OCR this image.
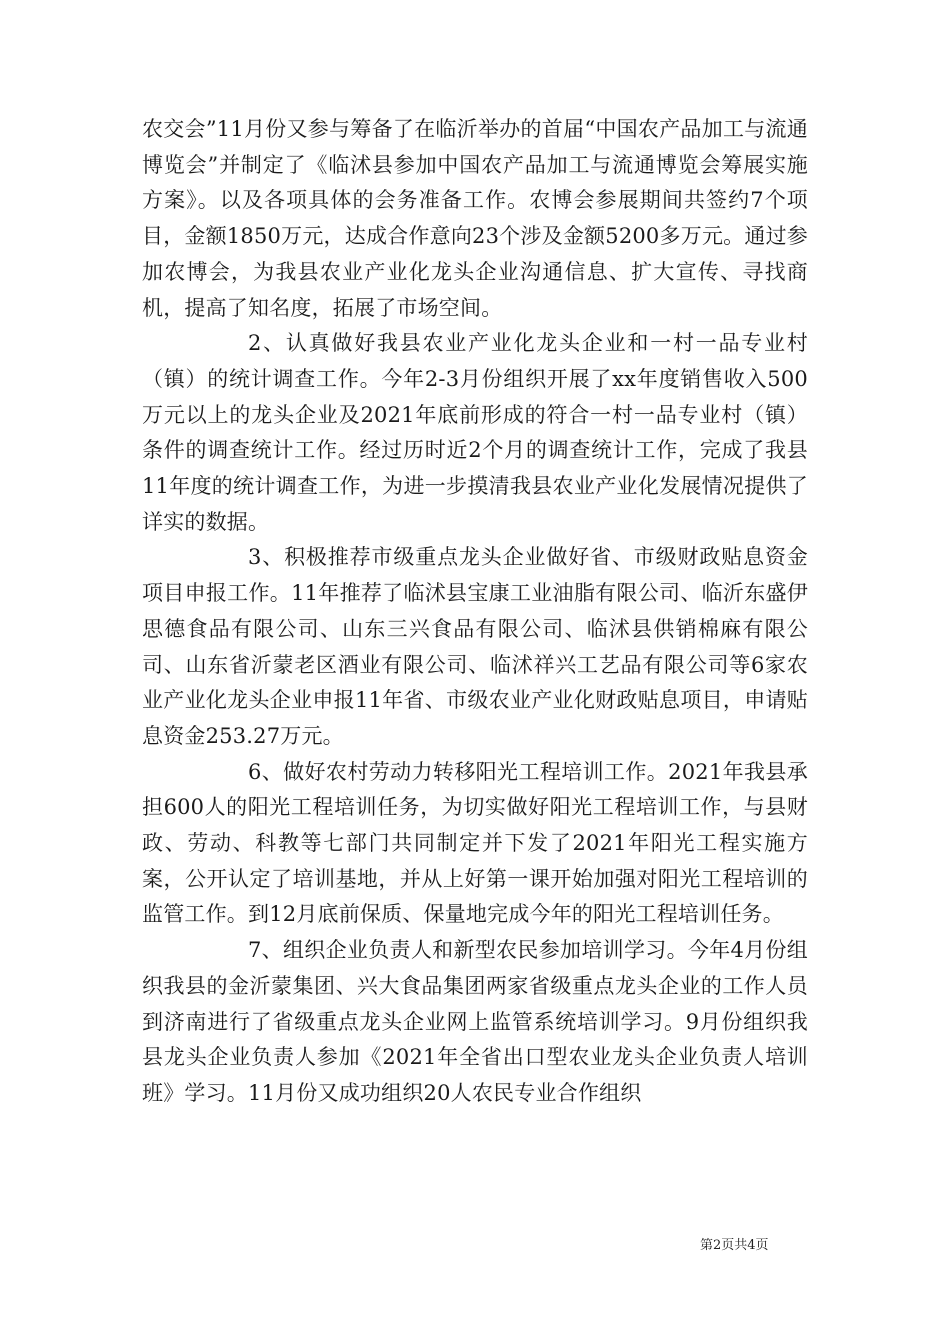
农交会”11月份又参与筹备了在临沂举办的首届“中国农产品加工与流通博览会”并制定了《临沭县参加中国农产品加工与流通博览会筹展实施方案》。以及各项具体的会务准备工作。农博会参展期间共签约7个项目，金额1850万元，达成合作意向23个涉及金额5200多万元。通过参加农博会，为我县农业产业化龙头企业沟通信息、扩大宣传、寻找商机，提高了知名度，拓展了市场空间。

2、认真做好我县农业产业化龙头企业和一村一品专业村（镇）的统计调查工作。今年2-3月份组织开展了xx年度销售收入500万元以上的龙头企业及2021年底前形成的符合一村一品专业村（镇）条件的调查统计工作。经过历时近2个月的调查统计工作，完成了我县11年度的统计调查工作，为进一步摸清我县农业产业化发展情况提供了详实的数据。

3、积极推荐市级重点龙头企业做好省、市级财政贴息资金项目申报工作。11年推荐了临沭县宝康工业油脂有限公司、临沂东盛伊思德食品有限公司、山东三兴食品有限公司、临沭县供销棉麻有限公司、山东省沂蒙老区酒业有限公司、临沭祥兴工艺品有限公司等6家农业产业化龙头企业申报11年省、市级农业产业化财政贴息项目，申请贴息资金253.27万元。

6、做好农村劳动力转移阳光工程培训工作。2021年我县承担600人的阳光工程培训任务，为切实做好阳光工程培训工作，与县财政、劳动、科教等七部门共同制定并下发了2021年阳光工程实施方案，公开认定了培训基地，并从上好第一课开始加强对阳光工程培训的监管工作。到12月底前保质、保量地完成今年的阳光工程培训任务。

7、组织企业负责人和新型农民参加培训学习。今年4月份组织我县的金沂蒙集团、兴大食品集团两家省级重点龙头企业的工作人员到济南进行了省级重点龙头企业网上监管系统培训学习。9月份组织我县龙头企业负责人参加《2021年全省出口型农业龙头企业负责人培训班》学习。11月份又成功组织20人农民专业合作组织

第2页共4页
